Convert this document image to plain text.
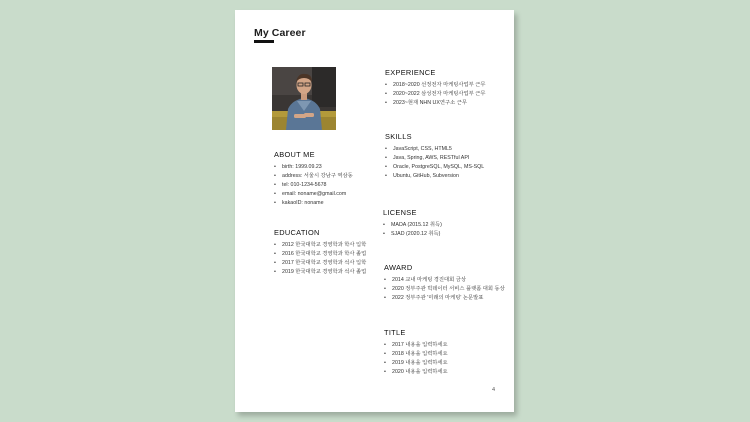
My Career
ABOUT ME
• birth: 1999.09.23
• address: 서울시 강남구 역삼동
• tel: 010-1234-5678
• email: noname@gmail.com
• kakaoID: noname
EDUCATION
• 2012 한국대학교 경영학과 학사 입학
• 2016 한국대학교 경영학과 학사 졸업
• 2017 한국대학교 경영학과 석사 입학
• 2019 한국대학교 경영학과 석사 졸업
EXPERIENCE
• 2018~2020 선정전자 마케팅사업부 근무
• 2020~2022 삼성전자 마케팅사업부 근무
• 2023~현재 NHN UX연구소 근무
SKILLS
• JavaScript, CSS, HTML5
• Java, Spring, AWS, RESTful API
• Oracle, PostgreSQL, MySQL, MS-SQL
• Ubuntu, GitHub, Subversion
LICENSE
• MADA (2015.12 취득)
• SJAD (2020.12 취득)
AWARD
• 2014 교내 마케팅 경진대회 금상
• 2020 정부주관 빅데이터 서비스 플랫폼 대회 동상
• 2022 정부주관 '미래의 마케팅' 논문발표
TITLE
• 2017 내용을 입력하세요
• 2018 내용을 입력하세요
• 2019 내용을 입력하세요
• 2020 내용을 입력하세요
4
